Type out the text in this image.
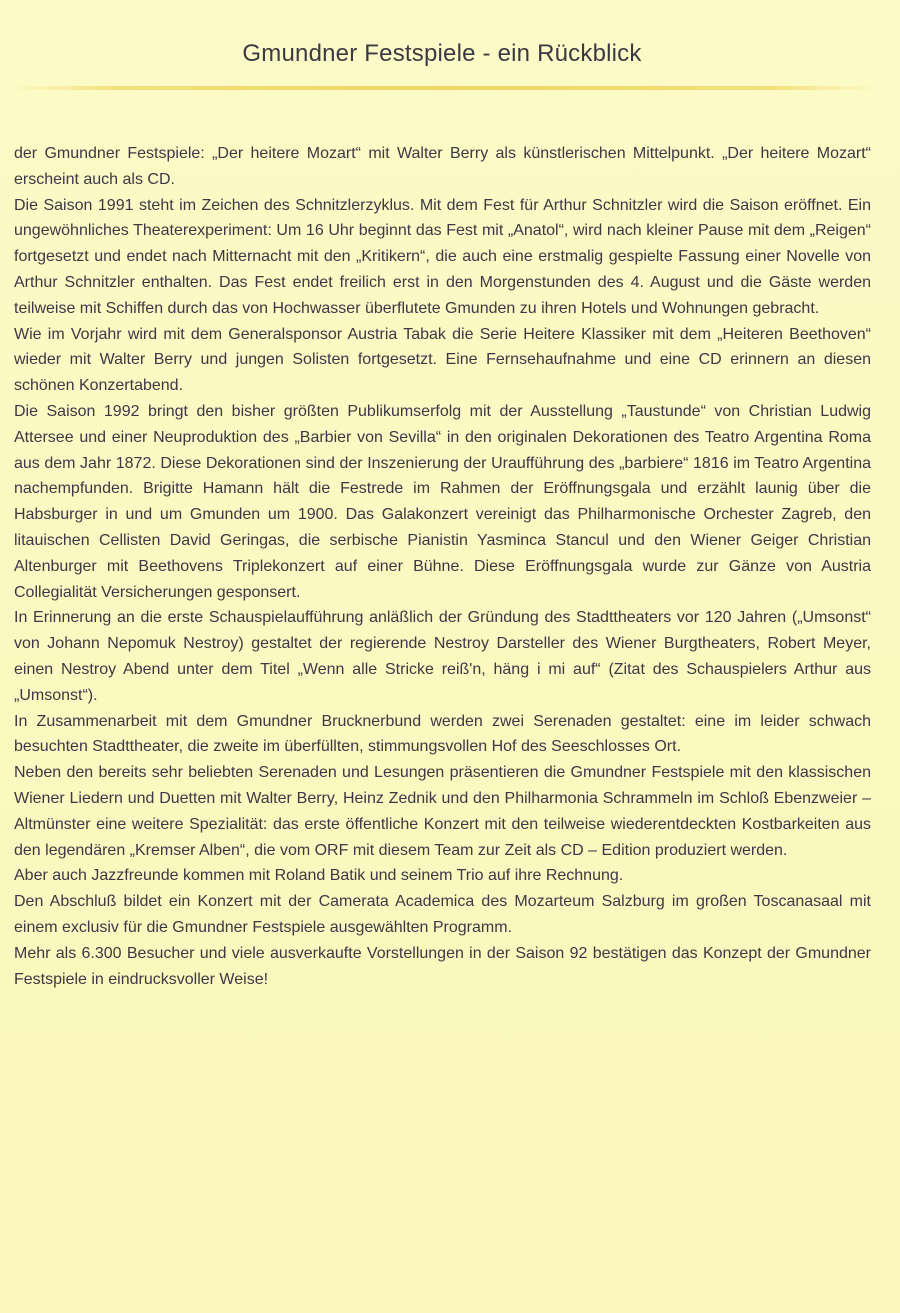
Gmundner Festspiele - ein Rückblick

der Gmundner Festspiele: „Der heitere Mozart“ mit Walter Berry als künstlerischen Mittelpunkt. „Der heitere Mozart“ erscheint auch als CD.

Die Saison 1991 steht im Zeichen des Schnitzlerzyklus. Mit dem Fest für Arthur Schnitzler wird die Saison eröffnet. Ein ungewöhnliches Theaterexperiment: Um 16 Uhr beginnt das Fest mit „Anatol“, wird nach kleiner Pause mit dem „Reigen“ fortgesetzt und endet nach Mitternacht mit den „Kritikern“, die auch eine erstmalig gespielte Fassung einer Novelle von Arthur Schnitzler enthalten. Das Fest endet freilich erst in den Morgenstunden des 4. August und die Gäste werden teilweise mit Schiffen durch das von Hochwasser überflutete Gmunden zu ihren Hotels und Wohnungen gebracht.

Wie im Vorjahr wird mit dem Generalsponsor Austria Tabak die Serie Heitere Klassiker mit dem „Heiteren Beethoven“ wieder mit Walter Berry und jungen Solisten fortgesetzt. Eine Fernsehaufnahme und eine CD erinnern an diesen schönen Konzertabend.

Die Saison 1992 bringt den bisher größten Publikumserfolg mit der Ausstellung „Taustunde“ von Christian Ludwig Attersee und einer Neuproduktion des „Barbier von Sevilla“ in den originalen Dekorationen des Teatro Argentina Roma aus dem Jahr 1872. Diese Dekorationen sind der Inszenierung der Uraufführung des „barbiere“ 1816 im Teatro Argentina nachempfunden. Brigitte Hamann hält die Festrede im Rahmen der Eröffnungsgala und erzählt launig über die Habsburger in und um Gmunden um 1900. Das Galakonzert vereinigt das Philharmonische Orchester Zagreb, den litauischen Cellisten David Geringas, die serbische Pianistin Yasminca Stancul und den Wiener Geiger Christian Altenburger mit Beethovens Triplekonzert auf einer Bühne. Diese Eröffnungsgala wurde zur Gänze von Austria Collegialität Versicherungen gesponsert.

In Erinnerung an die erste Schauspielaufführung anläßlich der Gründung des Stadttheaters vor 120 Jahren („Umsonst“ von Johann Nepomuk Nestroy) gestaltet der regierende Nestroy Darsteller des Wiener Burgtheaters, Robert Meyer, einen Nestroy Abend unter dem Titel „Wenn alle Stricke reiß'n, häng i mi auf“ (Zitat des Schauspielers Arthur aus „Umsonst“).

In Zusammenarbeit mit dem Gmundner Brucknerbund werden zwei Serenaden gestaltet: eine im leider schwach besuchten Stadttheater, die zweite im überfüllten, stimmungsvollen Hof des Seeschlosses Ort.

Neben den bereits sehr beliebten Serenaden und Lesungen präsentieren die Gmundner Festspiele mit den klassischen Wiener Liedern und Duetten mit Walter Berry, Heinz Zednik und den Philharmonia Schrammeln im Schloß Ebenzweier – Altmünster eine weitere Spezialität: das erste öffentliche Konzert mit den teilweise wiederentdeckten Kostbarkeiten aus den legendären „Kremser Alben“, die vom ORF mit diesem Team zur Zeit als CD – Edition produziert werden.

Aber auch Jazzfreunde kommen mit Roland Batik und seinem Trio auf ihre Rechnung.

Den Abschluß bildet ein Konzert mit der Camerata Academica des Mozarteum Salzburg im großen Toscanasaal mit einem exclusiv für die Gmundner Festspiele ausgewählten Programm.

Mehr als 6.300 Besucher und viele ausverkaufte Vorstellungen in der Saison 92 bestätigen das Konzept der Gmundner Festspiele in eindrucksvoller Weise!
